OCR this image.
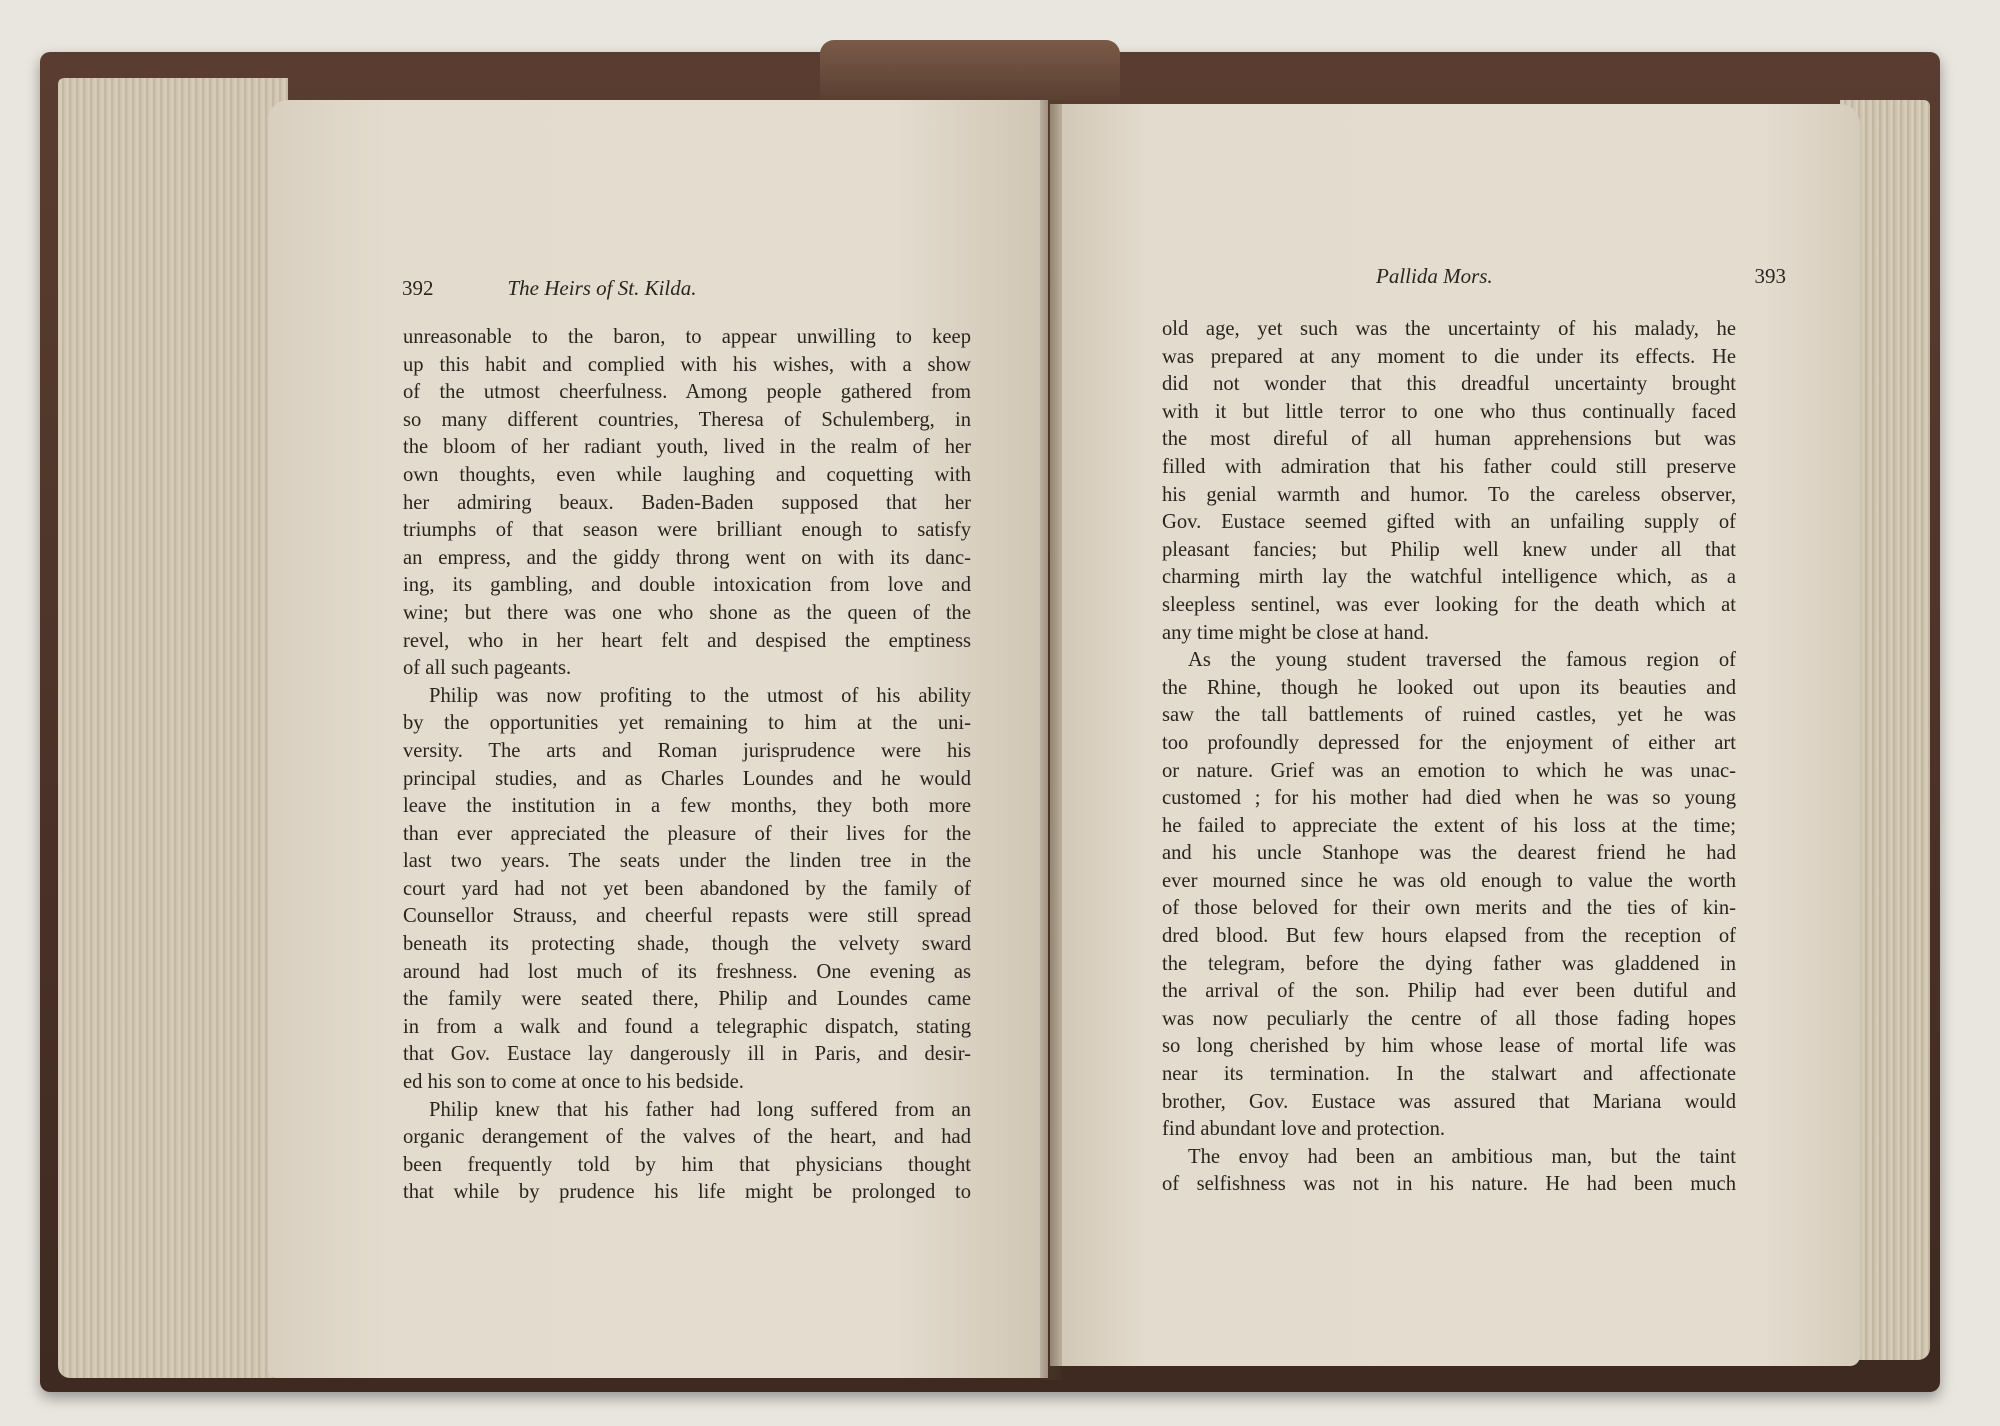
392	The Heirs of St. Kilda.	Pallida Mors.	393
unreasonable to the baron, to appear unwilling to keep
up this habit and complied with his wishes, with a show
of the utmost cheerfulness. Among people gathered from
so many different countries, Theresa of Schulemberg, in
the bloom of her radiant youth, lived in the realm of her
own thoughts, even while laughing and coquetting with
her admiring beaux. Baden-Baden supposed that her
triumphs of that season were brilliant enough to satisfy
an empress, and the giddy throng went on with its danc-
ing, its gambling, and double intoxication from love and
wine; but there was one who shone as the queen of the
revel, who in her heart felt and despised the emptiness
of all such pageants.
Philip was now profiting to the utmost of his ability
by the opportunities yet remaining to him at the uni-
versity. The arts and Roman jurisprudence were his
principal studies, and as Charles Loundes and he would
leave the institution in a few months, they both more
than ever appreciated the pleasure of their lives for the
last two years. The seats under the linden tree in the
court yard had not yet been abandoned by the family of
Counsellor Strauss, and cheerful repasts were still spread
beneath its protecting shade, though the velvety sward
around had lost much of its freshness. One evening as
the family were seated there, Philip and Loundes came
in from a walk and found a telegraphic dispatch, stating
that Gov. Eustace lay dangerously ill in Paris, and desir-
ed his son to come at once to his bedside.
Philip knew that his father had long suffered from an
organic derangement of the valves of the heart, and had
been frequently told by him that physicians thought
that while by prudence his life might be prolonged to
old age, yet such was the uncertainty of his malady, he
was prepared at any moment to die under its effects. He
did not wonder that this dreadful uncertainty brought
with it but little terror to one who thus continually faced
the most direful of all human apprehensions but was
filled with admiration that his father could still preserve
his genial warmth and humor. To the careless observer,
Gov. Eustace seemed gifted with an unfailing supply of
pleasant fancies; but Philip well knew under all that
charming mirth lay the watchful intelligence which, as a
sleepless sentinel, was ever looking for the death which at
any time might be close at hand.
As the young student traversed the famous region of
the Rhine, though he looked out upon its beauties and
saw the tall battlements of ruined castles, yet he was
too profoundly depressed for the enjoyment of either art
or nature. Grief was an emotion to which he was unac-
customed ; for his mother had died when he was so young
he failed to appreciate the extent of his loss at the time;
and his uncle Stanhope was the dearest friend he had
ever mourned since he was old enough to value the worth
of those beloved for their own merits and the ties of kin-
dred blood. But few hours elapsed from the reception of
the telegram, before the dying father was gladdened in
the arrival of the son. Philip had ever been dutiful and
was now peculiarly the centre of all those fading hopes
so long cherished by him whose lease of mortal life was
near its termination. In the stalwart and affectionate
brother, Gov. Eustace was assured that Mariana would
find abundant love and protection.
The envoy had been an ambitious man, but the taint
of selfishness was not in his nature. He had been much
